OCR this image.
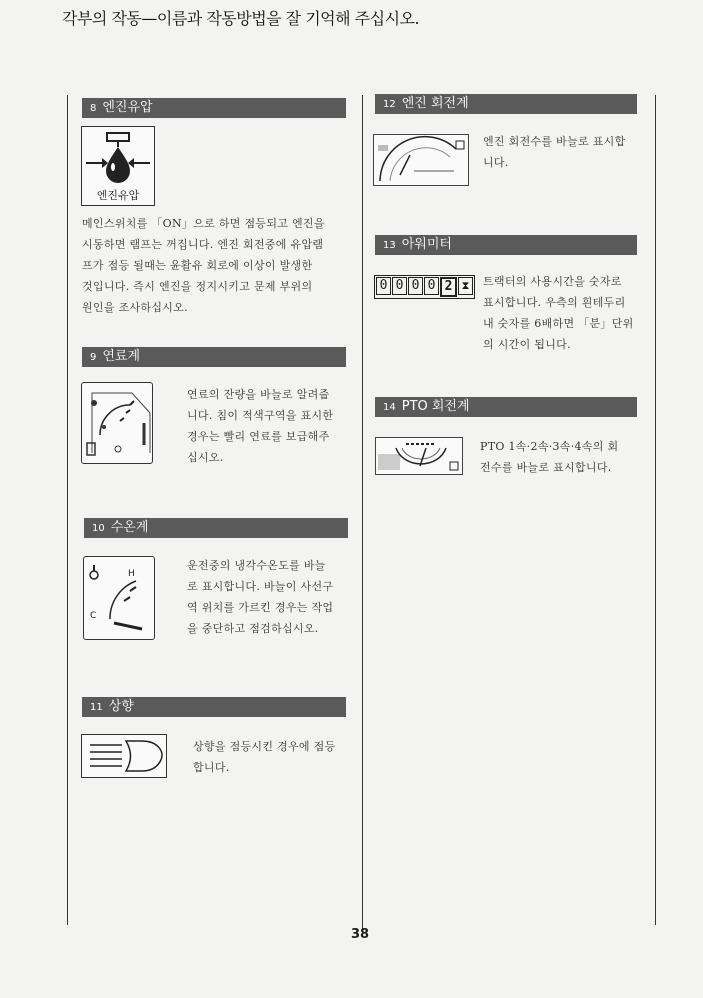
각부의 작동—이름과 작동방법을 잘 기억해 주십시오.
8 엔진유압
엔진유압
메인스위치를 「ON」으로 하면 점등되고 엔진을
시동하면 램프는 꺼집니다. 엔진 회전중에 유압램
프가 점등 될때는 윤활유 회로에 이상이 발생한
것입니다. 즉시 엔진을 정지시키고 문제 부위의
원인을 조사하십시오.
9 연료계
연료의 잔량을 바늘로 알려줍
니다. 침이 적색구역을 표시한
경우는 빨리 연료를 보급해주
십시오.
10 수온계
H
C
운전중의 냉각수온도를 바늘
로 표시합니다. 바늘이 사선구
역 위치를 가르킨 경우는 작업
을 중단하고 점검하십시오.
11 상향
상향을 점등시킨 경우에 점등
합니다.
12 엔진 회전계
엔진 회전수를 바늘로 표시합
니다.
13 아워미터
0 0 0 0 2 ⧗	트랙터의 사용시간을 숫자로
표시합니다. 우측의 흰테두리
내 숫자를 6배하면 「분」단위
의 시간이 됩니다.
14 PTO 회전계
PTO 1속·2속·3속·4속의 회
전수를 바늘로 표시합니다.
38
